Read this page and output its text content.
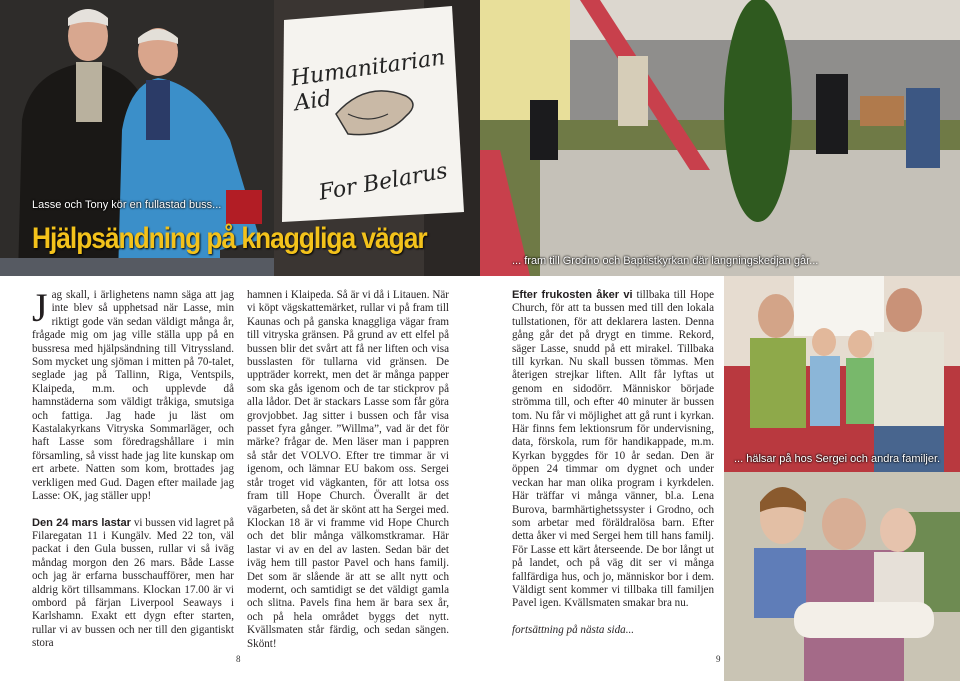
Humanitarian Aid
For Belarus
Lasse och Tony kör en fullastad buss...
Hjälpsändning på knaggliga vägar
... fram till Grodno och Baptistkyrkan där langningskedjan går...
... hälsar på hos Sergei och andra familjer.

Jag skall, i ärlighetens namn säga att jag inte blev så upphetsad när Lasse, min riktigt gode vän sedan väldigt många år, frågade mig om jag ville ställa upp på en bussresa med hjälpsändning till Vitryssland. Som mycket ung sjöman i mitten på 70-talet, seglade jag på Tallinn, Riga, Ventspils, Klaipeda, m.m. och upplevde då hamnstäderna som väldigt tråkiga, smutsiga och fattiga. Jag hade ju läst om Kastalakyrkans Vitryska Sommarläger, och haft Lasse som föredragshållare i min församling, så visst hade jag lite kunskap om ert arbete. Natten som kom, brottades jag verkligen med Gud. Dagen efter mailade jag Lasse: OK, jag ställer upp!

Den 24 mars lastar vi bussen vid lagret på Filaregatan 11 i Kungälv. Med 22 ton, väl packat i den Gula bussen, rullar vi så iväg måndag morgon den 26 mars. Både Lasse och jag är erfarna busschaufförer, men har aldrig kört tillsammans. Klockan 17.00 är vi ombord på färjan Liverpool Seaways i Karlshamn. Exakt ett dygn efter starten, rullar vi av bussen och ner till den gigantiskt stora

hamnen i Klaipeda. Så är vi då i Litauen. När vi köpt vägskattemärket, rullar vi på fram till Kaunas och på ganska knaggliga vägar fram till vitryska gränsen. På grund av ett elfel på bussen blir det svårt att få ner liften och visa busslasten för tullarna vid gränsen. De uppträder korrekt, men det är många papper som ska gås igenom och de tar stickprov på alla lådor. Det är stackars Lasse som får göra grovjobbet. Jag sitter i bussen och får visa passet fyra gånger. ”Willma”, vad är det för märke? frågar de. Men läser man i pappren så står det VOLVO. Efter tre timmar är vi igenom, och lämnar EU bakom oss. Sergei står troget vid vägkanten, för att lotsa oss fram till Hope Church. Överallt är det vägarbeten, så det är skönt att ha Sergei med. Klockan 18 är vi framme vid Hope Church och det blir många välkomstkramar. Här lastar vi av en del av lasten. Sedan bär det iväg hem till pastor Pavel och hans familj. Det som är slående är att se allt nytt och modernt, och samtidigt se det väldigt gamla och slitna. Pavels fina hem är bara sex år, och på hela området byggs det nytt. Kvällsmaten står färdig, och sedan sängen. Skönt!

Efter frukosten åker vi tillbaka till Hope Church, för att ta bussen med till den lokala tullstationen, för att deklarera lasten. Denna gång går det på drygt en timme. Rekord, säger Lasse, snudd på ett mirakel. Tillbaka till kyrkan. Nu skall bussen tömmas. Men återigen strejkar liften. Allt får lyftas ut genom en sidodörr. Människor började strömma till, och efter 40 minuter är bussen tom. Nu får vi möjlighet att gå runt i kyrkan. Här finns fem lektionsrum för undervisning, data, förskola, rum för handikappade, m.m. Kyrkan byggdes för 10 år sedan. Den är öppen 24 timmar om dygnet och under veckan har man olika program i kyrkdelen. Här träffar vi många vänner, bl.a. Lena Burova, barmhärtighetssyster i Grodno, och som arbetar med föräldralösa barn. Efter detta åker vi med Sergei hem till hans familj. För Lasse ett kärt återseende. De bor långt ut på landet, och på väg dit ser vi många fallfärdiga hus, och jo, människor bor i dem. Väldigt sent kommer vi tillbaka till familjen Pavel igen. Kvällsmaten smakar bra nu.

fortsättning på nästa sida...

8	9
